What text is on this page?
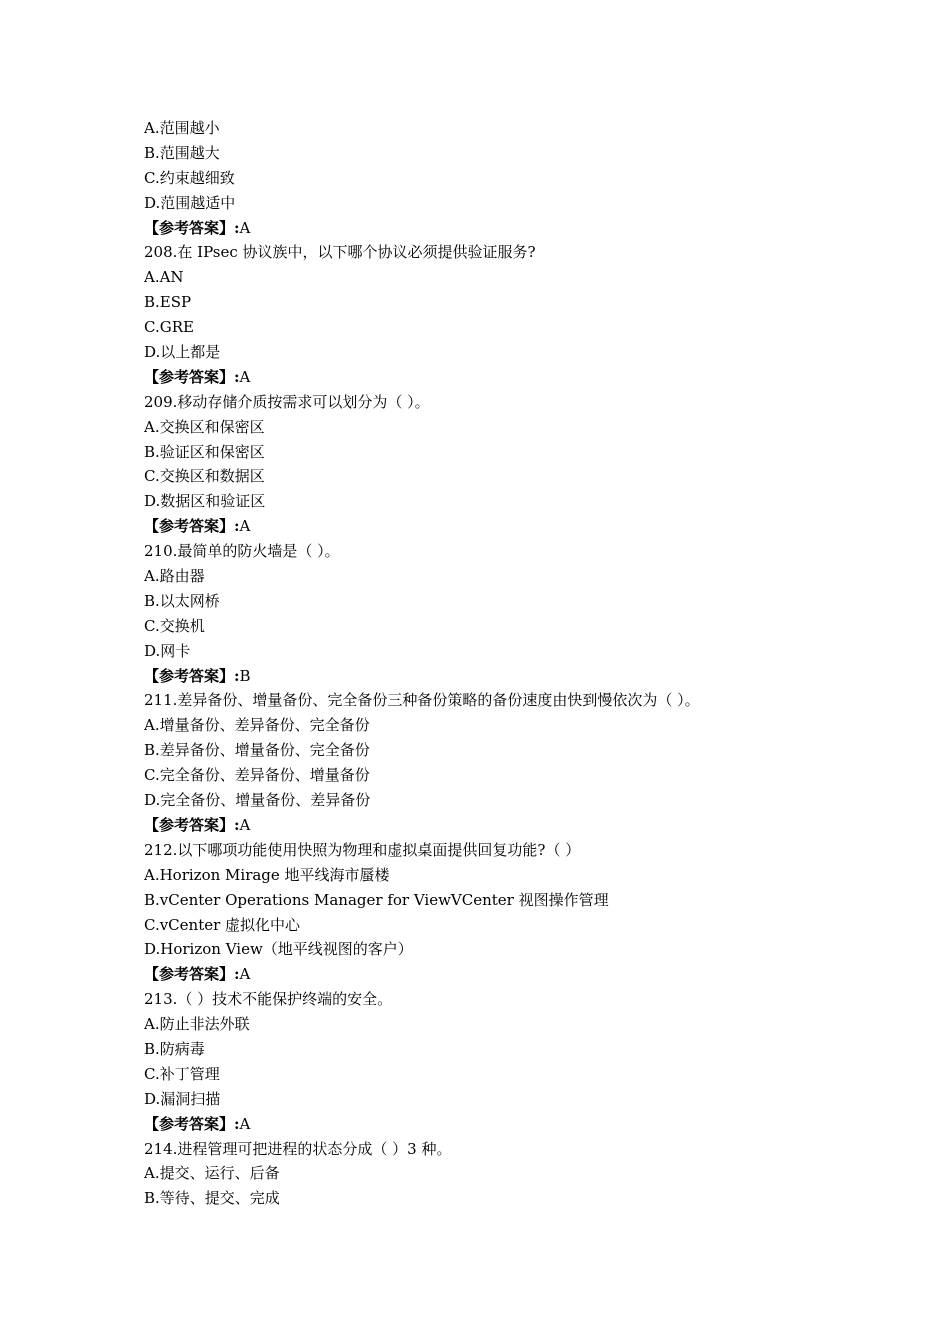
A.范围越小
B.范围越大
C.约束越细致
D.范围越适中
【参考答案】:A
208.在 IPsec 协议族中，以下哪个协议必须提供验证服务?
A.AN
B.ESP
C.GRE
D.以上都是
【参考答案】:A
209.移动存储介质按需求可以划分为（ ）。
A.交换区和保密区
B.验证区和保密区
C.交换区和数据区
D.数据区和验证区
【参考答案】:A
210.最简单的防火墙是（ ）。
A.路由器
B.以太网桥
C.交换机
D.网卡
【参考答案】:B
211.差异备份、增量备份、完全备份三种备份策略的备份速度由快到慢依次为（ ）。
A.增量备份、差异备份、完全备份
B.差异备份、增量备份、完全备份
C.完全备份、差异备份、增量备份
D.完全备份、增量备份、差异备份
【参考答案】:A
212.以下哪项功能使用快照为物理和虚拟桌面提供回复功能?（ ）
A.Horizon Mirage 地平线海市蜃楼
B.vCenter Operations Manager for ViewVCenter 视图操作管理
C.vCenter 虚拟化中心
D.Horizon View（地平线视图的客户）
【参考答案】:A
213.（ ）技术不能保护终端的安全。
A.防止非法外联
B.防病毒
C.补丁管理
D.漏洞扫描
【参考答案】:A
214.进程管理可把进程的状态分成（ ）3 种。
A.提交、运行、后备
B.等待、提交、完成
